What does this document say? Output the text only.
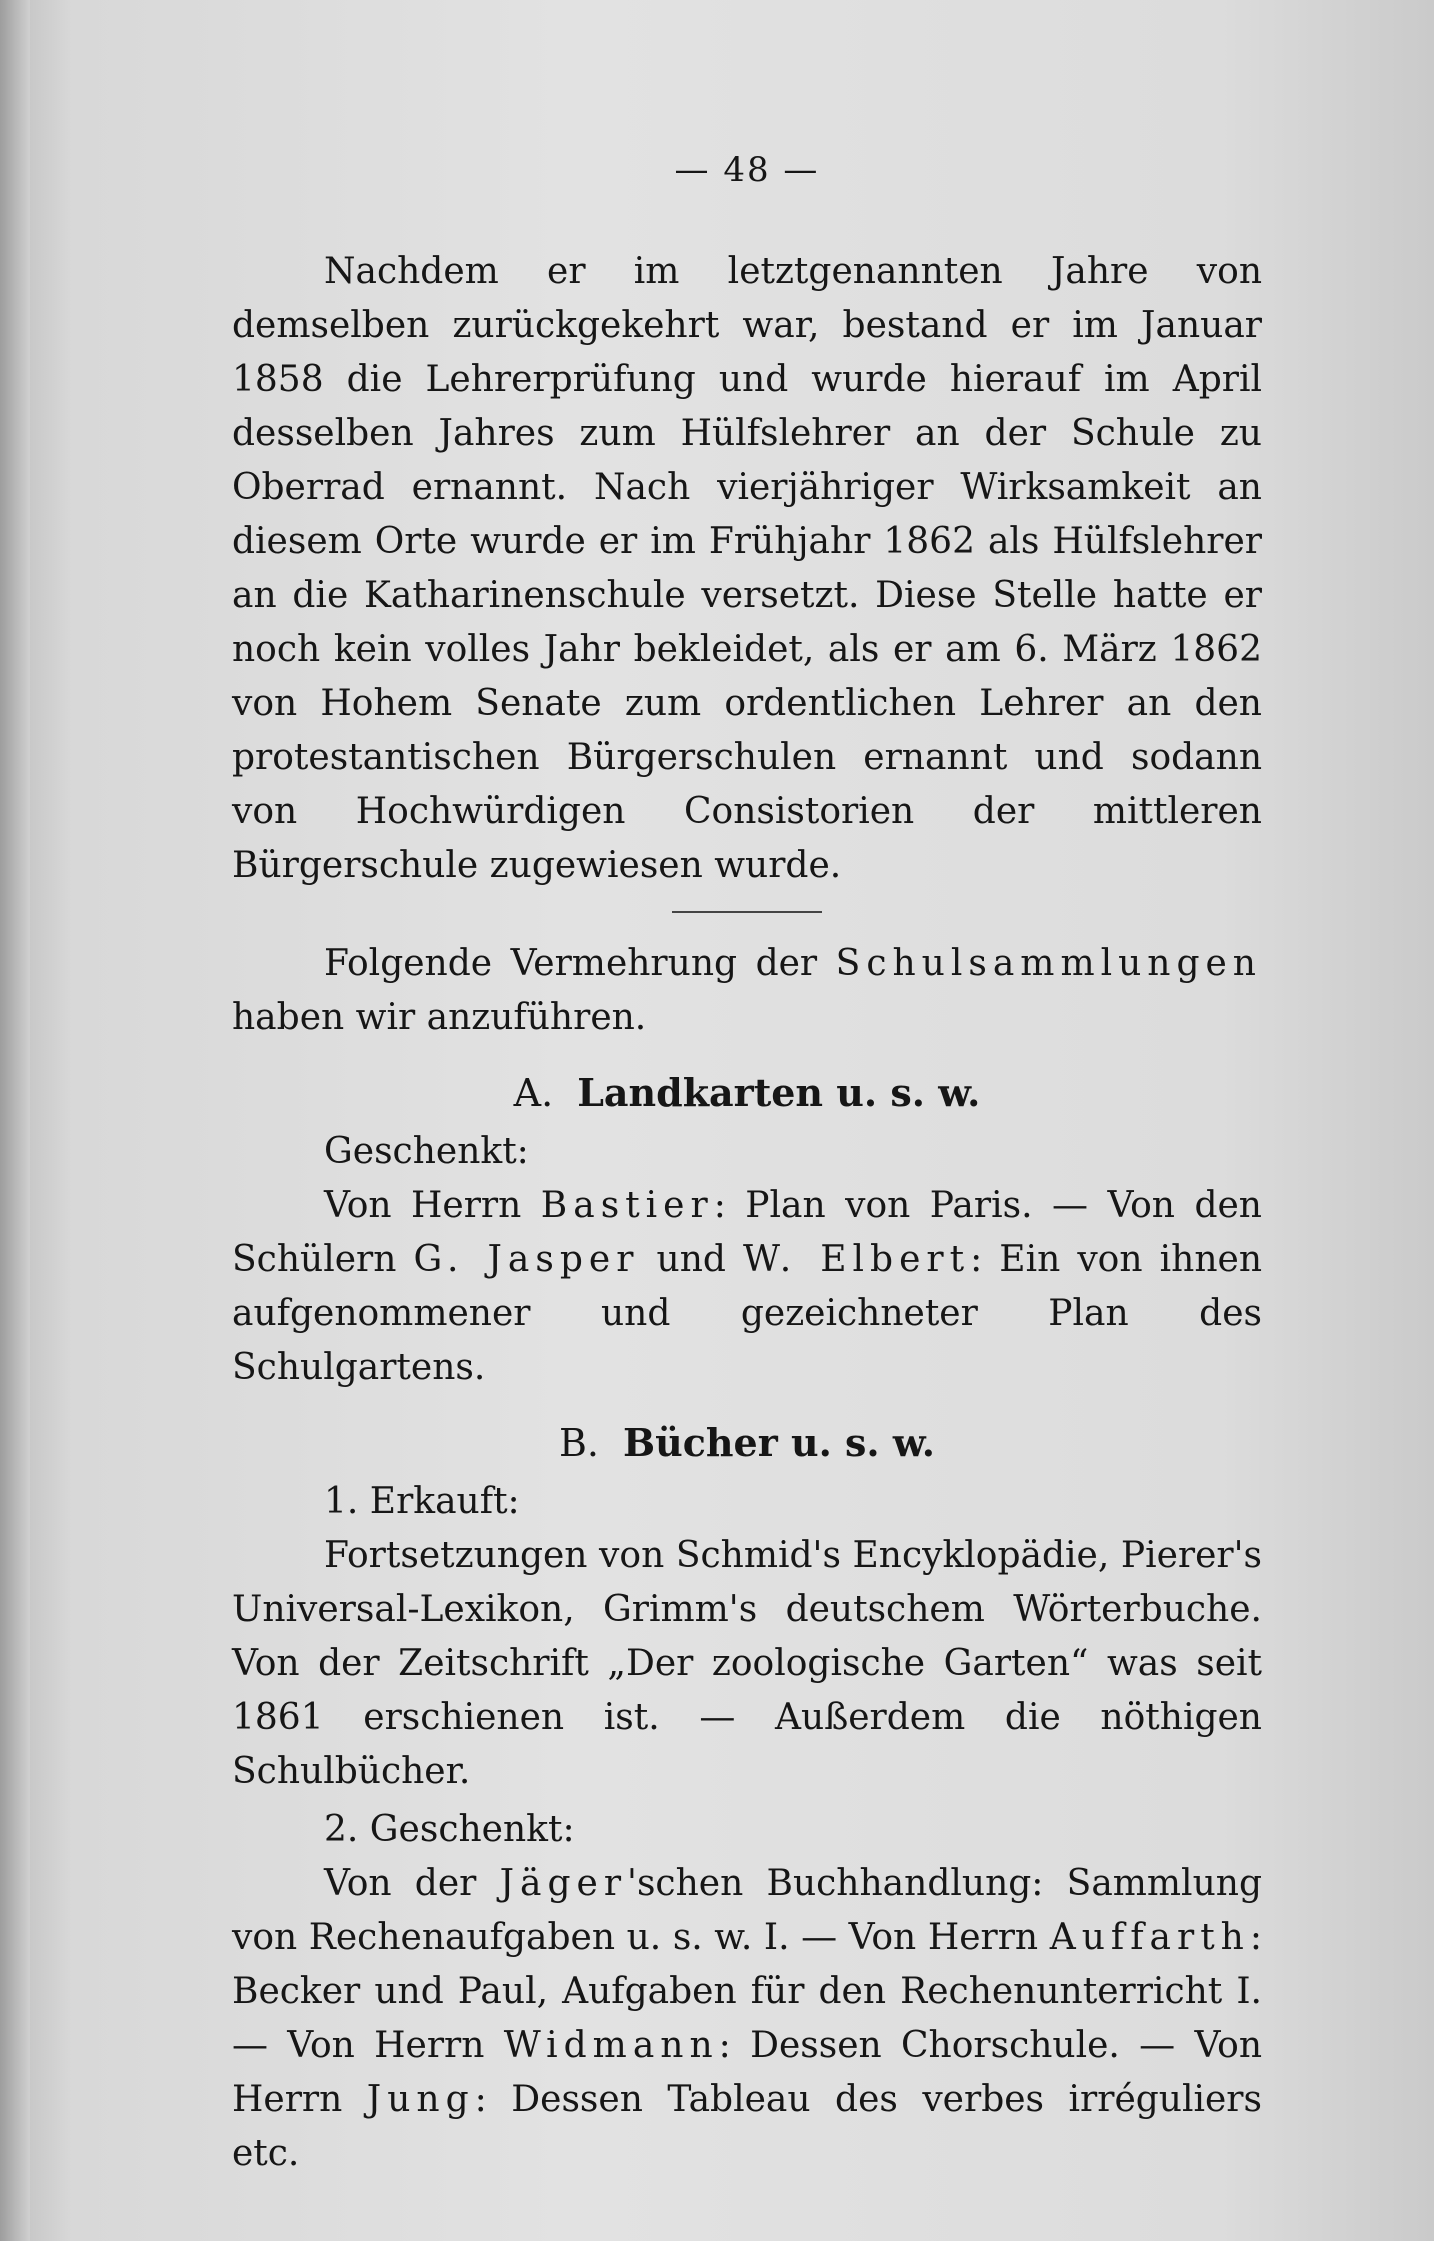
— 48 —

Nachdem er im letztgenannten Jahre von demselben zurückgekehrt war, bestand er im Januar 1858 die Lehrerprüfung und wurde hierauf im April desselben Jahres zum Hülfslehrer an der Schule zu Oberrad ernannt. Nach vierjähriger Wirksamkeit an diesem Orte wurde er im Frühjahr 1862 als Hülfslehrer an die Katharinenschule versetzt. Diese Stelle hatte er noch kein volles Jahr bekleidet, als er am 6. März 1862 von Hohem Senate zum ordentlichen Lehrer an den protestantischen Bürgerschulen ernannt und sodann von Hochwürdigen Consistorien der mittleren Bürgerschule zugewiesen wurde.

Folgende Vermehrung der Schulsammlungen haben wir anzuführen.

A. Landkarten u. s. w.

Geschenkt:

Von Herrn Bastier: Plan von Paris. — Von den Schülern G. Jasper und W. Elbert: Ein von ihnen aufgenommener und gezeichneter Plan des Schulgartens.

B. Bücher u. s. w.

1. Erkauft:

Fortsetzungen von Schmid's Encyklopädie, Pierer's Universal-Lexikon, Grimm's deutschem Wörterbuche. Von der Zeitschrift „Der zoologische Garten“ was seit 1861 erschienen ist. — Außerdem die nöthigen Schulbücher.

2. Geschenkt:

Von der Jäger'schen Buchhandlung: Sammlung von Rechenaufgaben u. s. w. I. — Von Herrn Auffarth: Becker und Paul, Aufgaben für den Rechenunterricht I. — Von Herrn Widmann: Dessen Chorschule. — Von Herrn Jung: Dessen Tableau des verbes irréguliers etc.
